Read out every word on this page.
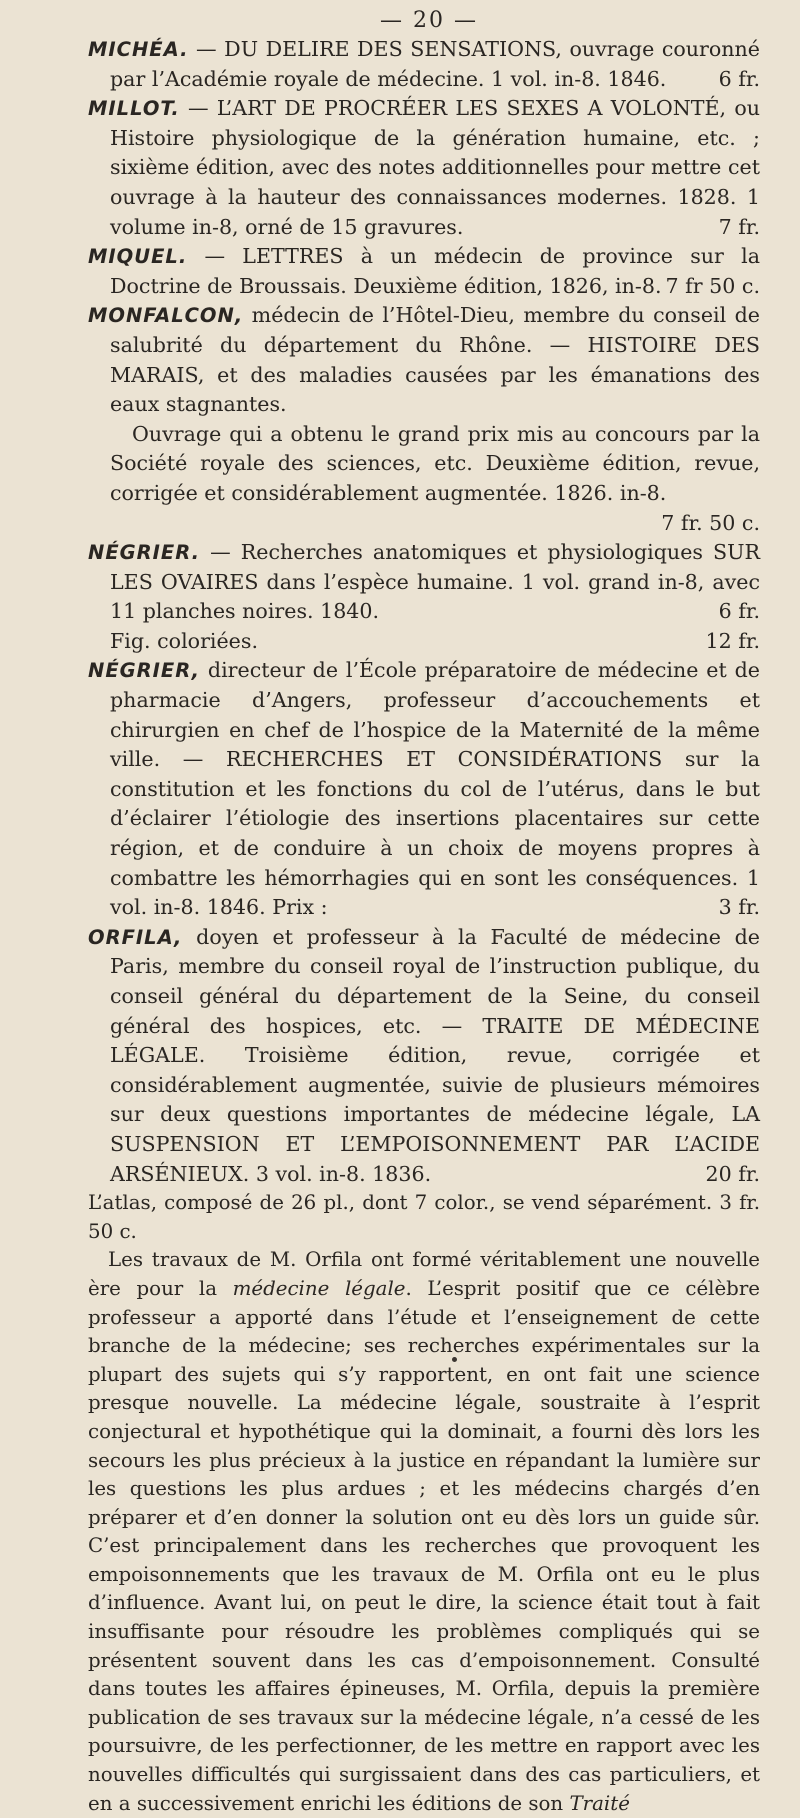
— 20 —

MICHÉA. — DU DELIRE DES SENSATIONS, ouvrage couronné par l’Académie royale de médecine. 1 vol. in-8. 1846.	6 fr.

MILLOT. — L’ART DE PROCRÉER LES SEXES A VOLONTÉ, ou Histoire physiologique de la génération humaine, etc. ; sixième édition, avec des notes additionnelles pour mettre cet ouvrage à la hauteur des connaissances modernes. 1828. 1 volume in-8, orné de 15 gravures.	7 fr.

MIQUEL. — LETTRES à un médecin de province sur la Doctrine de Broussais. Deuxième édition, 1826, in-8. 7 fr 50 c.

MONFALCON, médecin de l’Hôtel-Dieu, membre du conseil de salubrité du département du Rhône. — HISTOIRE DES MARAIS, et des maladies causées par les émanations des eaux stagnantes.

Ouvrage qui a obtenu le grand prix mis au concours par la Société royale des sciences, etc. Deuxième édition, revue, corrigée et considérablement augmentée. 1826. in-8.
7 fr. 50 c.

NÉGRIER. — Recherches anatomiques et physiologiques SUR LES OVAIRES dans l’espèce humaine. 1 vol. grand in-8, avec 11 planches noires. 1840.	6 fr.

Fig. coloriées.	12 fr.

NÉGRIER, directeur de l’École préparatoire de médecine et de pharmacie d’Angers, professeur d’accouchements et chirurgien en chef de l’hospice de la Maternité de la même ville. — RECHERCHES ET CONSIDÉRATIONS sur la constitution et les fonctions du col de l’utérus, dans le but d’éclairer l’étiologie des insertions placentaires sur cette région, et de conduire à un choix de moyens propres à combattre les hémorrhagies qui en sont les conséquences. 1 vol. in-8. 1846. Prix :	3 fr.

ORFILA, doyen et professeur à la Faculté de médecine de Paris, membre du conseil royal de l’instruction publique, du conseil général du département de la Seine, du conseil général des hospices, etc. — TRAITE DE MÉDECINE LÉGALE. Troisième édition, revue, corrigée et considérablement augmentée, suivie de plusieurs mémoires sur deux questions importantes de médecine légale, LA SUSPENSION ET L’EMPOISONNEMENT PAR L’ACIDE ARSÉNIEUX. 3 vol. in-8. 1836.	20 fr.

L’atlas, composé de 26 pl., dont 7 color., se vend séparément. 3 fr. 50 c.

Les travaux de M. Orfila ont formé véritablement une nouvelle ère pour la médecine légale. L’esprit positif que ce célèbre professeur a apporté dans l’étude et l’enseignement de cette branche de la médecine; ses recherches expérimentales sur la plupart des sujets qui s’y rapportent, en ont fait une science presque nouvelle. La médecine légale, soustraite à l’esprit conjectural et hypothétique qui la dominait, a fourni dès lors les secours les plus précieux à la justice en répandant la lumière sur les questions les plus ardues ; et les médecins chargés d’en préparer et d’en donner la solution ont eu dès lors un guide sûr. C’est principalement dans les recherches que provoquent les empoisonnements que les travaux de M. Orfila ont eu le plus d’influence. Avant lui, on peut le dire, la science était tout à fait insuffisante pour résoudre les problèmes compliqués qui se présentent souvent dans les cas d’empoisonnement. Consulté dans toutes les affaires épineuses, M. Orfila, depuis la première publication de ses travaux sur la médecine légale, n’a cessé de les poursuivre, de les perfectionner, de les mettre en rapport avec les nouvelles difficultés qui surgissaient dans des cas particuliers, et en a successivement enrichi les éditions de son Traité
